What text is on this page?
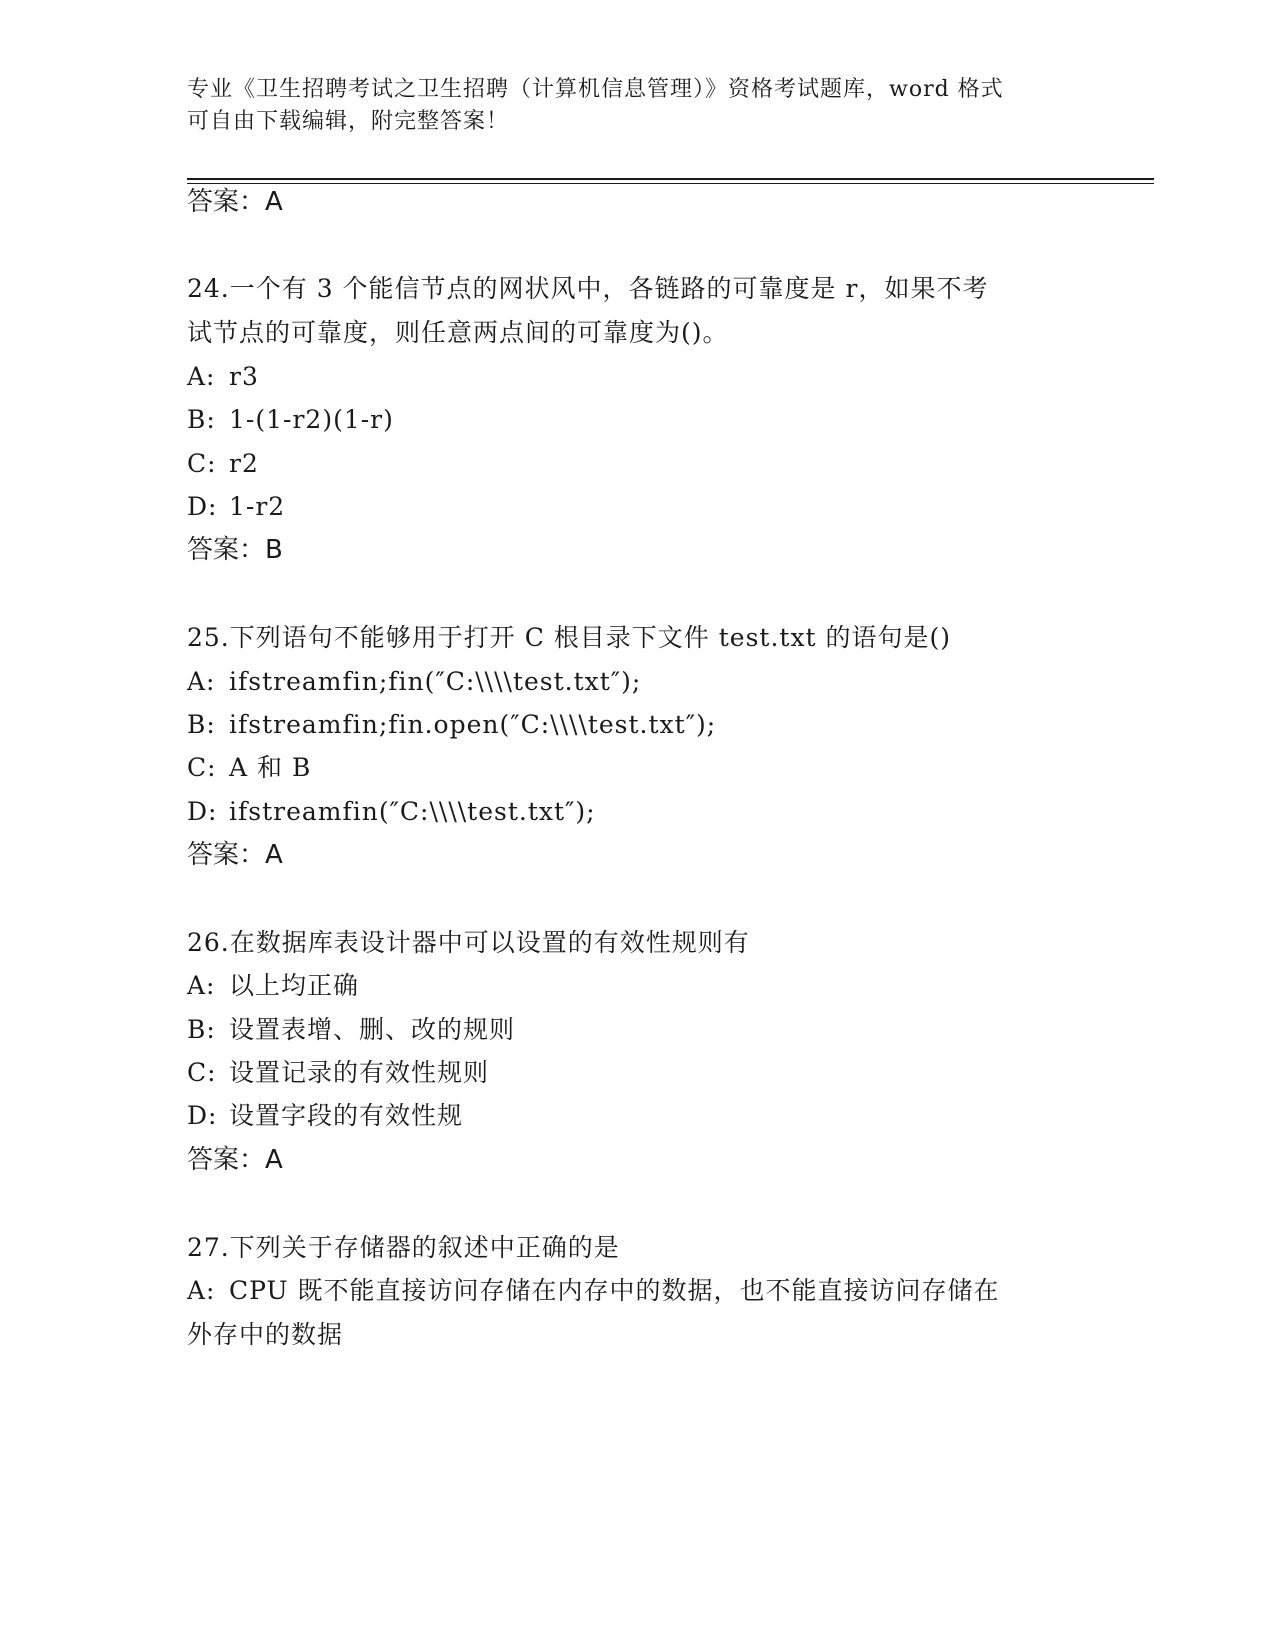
专业《卫生招聘考试之卫生招聘（计算机信息管理）》资格考试题库，word 格式
可自由下载编辑，附完整答案！
答案：A
24.一个有 3 个能信节点的网状风中，各链路的可靠度是 r，如果不考
试节点的可靠度，则任意两点间的可靠度为()。
A: r3
B: 1-(1-r2)(1-r)
C: r2
D: 1-r2
答案：B
25.下列语句不能够用于打开 C 根目录下文件 test.txt 的语句是()
A: ifstreamfin;fin(″C:\\\\test.txt″);
B: ifstreamfin;fin.open(″C:\\\\test.txt″);
C: A 和 B
D: ifstreamfin(″C:\\\\test.txt″);
答案：A
26.在数据库表设计器中可以设置的有效性规则有
A: 以上均正确
B: 设置表增、删、改的规则
C: 设置记录的有效性规则
D: 设置字段的有效性规
答案：A
27.下列关于存储器的叙述中正确的是
A: CPU 既不能直接访问存储在内存中的数据，也不能直接访问存储在
外存中的数据
